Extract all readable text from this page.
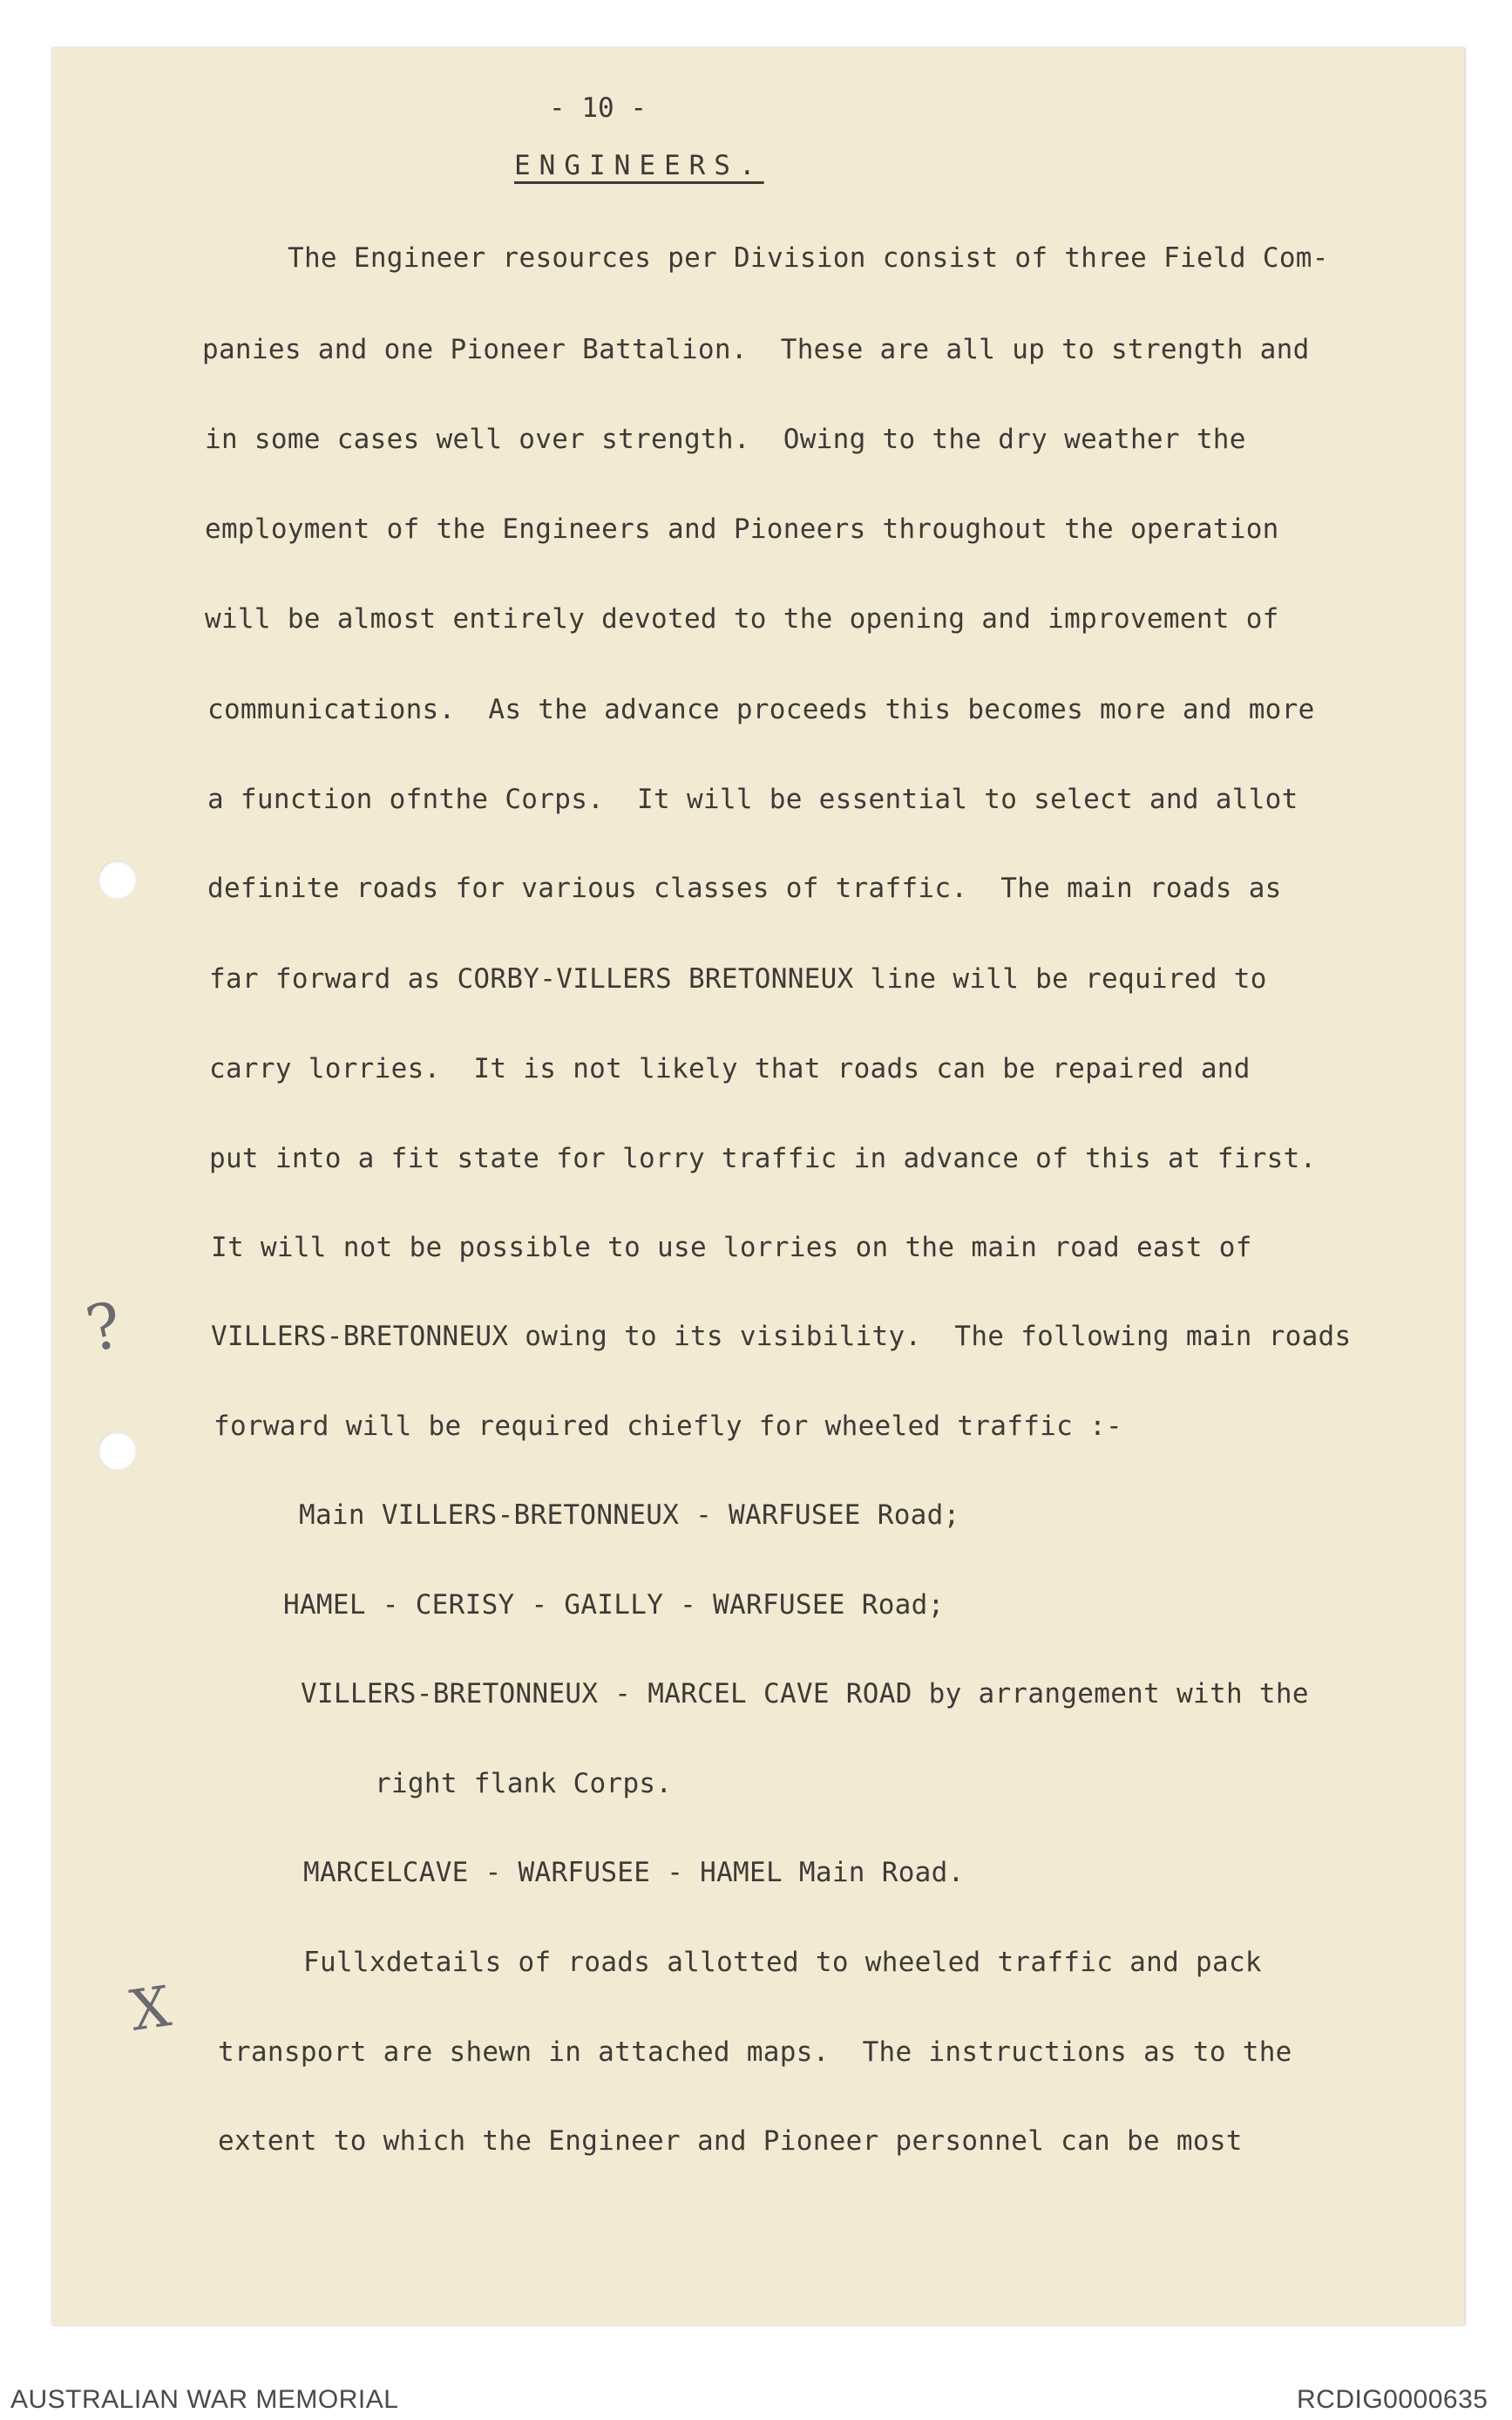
- 10 -
ENGINEERS.

The Engineer resources per Division consist of three Field Com-

panies and one Pioneer Battalion.  These are all up to strength and

in some cases well over strength.  Owing to the dry weather the

employment of the Engineers and Pioneers throughout the operation

will be almost entirely devoted to the opening and improvement of

communications.  As the advance proceeds this becomes more and more

a function ofnthe Corps.  It will be essential to select and allot

definite roads for various classes of traffic.  The main roads as

far forward as CORBY-VILLERS BRETONNEUX line will be required to

carry lorries.  It is not likely that roads can be repaired and

put into a fit state for lorry traffic in advance of this at first.

It will not be possible to use lorries on the main road east of

VILLERS-BRETONNEUX owing to its visibility.  The following main roads

forward will be required chiefly for wheeled traffic :-

Main VILLERS-BRETONNEUX - WARFUSEE Road;

HAMEL - CERISY - GAILLY - WARFUSEE Road;

VILLERS-BRETONNEUX - MARCEL CAVE ROAD by arrangement with the

right flank Corps.

MARCELCAVE - WARFUSEE - HAMEL Main Road.

Fullxdetails of roads allotted to wheeled traffic and pack

transport are shewn in attached maps.  The instructions as to the

extent to which the Engineer and Pioneer personnel can be most

?
X
AUSTRALIAN WAR MEMORIAL	RCDIG0000635
